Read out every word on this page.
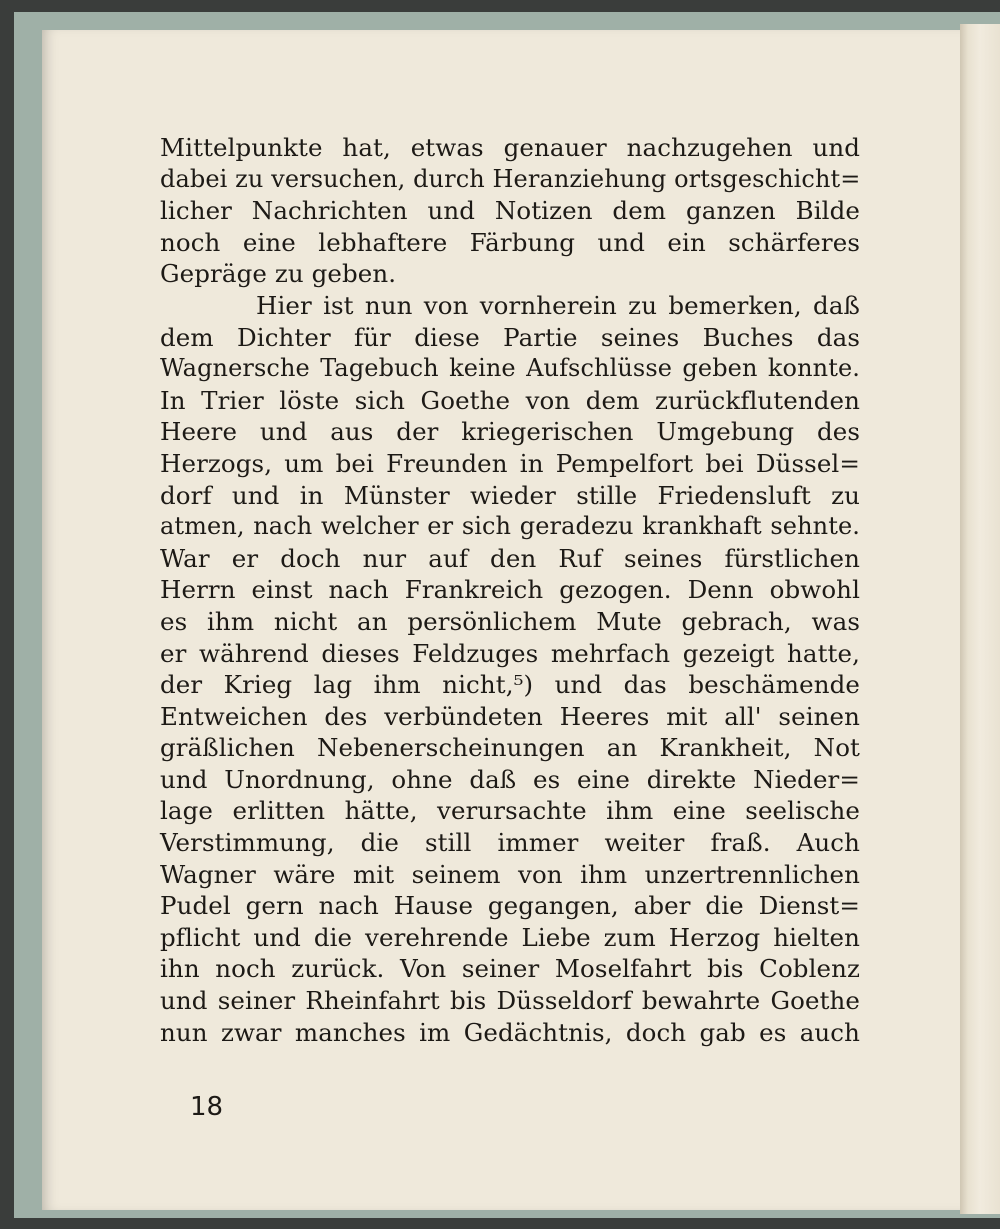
Mittelpunkte hat, etwas genauer nachzugehen und
dabei zu versuchen, durch Heranziehung ortsgeschicht=
licher Nachrichten und Notizen dem ganzen Bilde
noch eine lebhaftere Färbung und ein schärferes
Gepräge zu geben.
Hier ist nun von vornherein zu bemerken, daß
dem Dichter für diese Partie seines Buches das
Wagnersche Tagebuch keine Aufschlüsse geben konnte.
In Trier löste sich Goethe von dem zurückflutenden
Heere und aus der kriegerischen Umgebung des
Herzogs, um bei Freunden in Pempelfort bei Düssel=
dorf und in Münster wieder stille Friedensluft zu
atmen, nach welcher er sich geradezu krankhaft sehnte.
War er doch nur auf den Ruf seines fürstlichen
Herrn einst nach Frankreich gezogen. Denn obwohl
es ihm nicht an persönlichem Mute gebrach, was
er während dieses Feldzuges mehrfach gezeigt hatte,
der Krieg lag ihm nicht,⁵) und das beschämende
Entweichen des verbündeten Heeres mit all' seinen
gräßlichen Nebenerscheinungen an Krankheit, Not
und Unordnung, ohne daß es eine direkte Nieder=
lage erlitten hätte, verursachte ihm eine seelische
Verstimmung, die still immer weiter fraß. Auch
Wagner wäre mit seinem von ihm unzertrennlichen
Pudel gern nach Hause gegangen, aber die Dienst=
pflicht und die verehrende Liebe zum Herzog hielten
ihn noch zurück. Von seiner Moselfahrt bis Coblenz
und seiner Rheinfahrt bis Düsseldorf bewahrte Goethe
nun zwar manches im Gedächtnis, doch gab es auch
18
